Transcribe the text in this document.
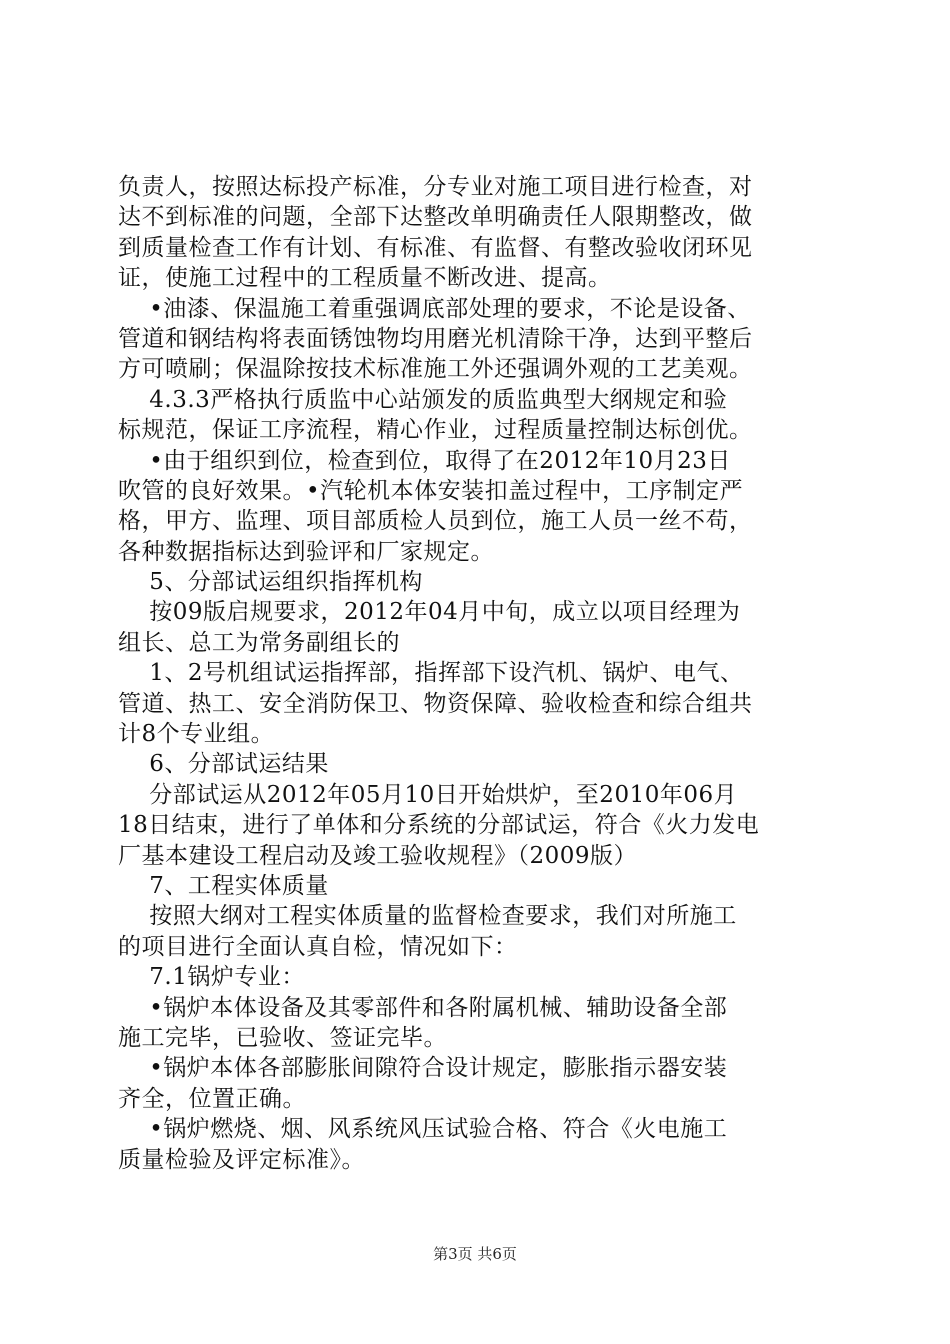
负责人，按照达标投产标准，分专业对施工项目进行检查，对
达不到标准的问题，全部下达整改单明确责任人限期整改，做
到质量检查工作有计划、有标准、有监督、有整改验收闭环见
证，使施工过程中的工程质量不断改进、提高。
•油漆、保温施工着重强调底部处理的要求，不论是设备、
管道和钢结构将表面锈蚀物均用磨光机清除干净，达到平整后
方可喷刷；保温除按技术标准施工外还强调外观的工艺美观。
4.3.3严格执行质监中心站颁发的质监典型大纲规定和验
标规范，保证工序流程，精心作业，过程质量控制达标创优。
•由于组织到位，检查到位，取得了在2012年10月23日
吹管的良好效果。•汽轮机本体安装扣盖过程中，工序制定严
格，甲方、监理、项目部质检人员到位，施工人员一丝不苟，
各种数据指标达到验评和厂家规定。
5、分部试运组织指挥机构
按09版启规要求，2012年04月中旬，成立以项目经理为
组长、总工为常务副组长的
1、2号机组试运指挥部，指挥部下设汽机、锅炉、电气、
管道、热工、安全消防保卫、物资保障、验收检查和综合组共
计8个专业组。
6、分部试运结果
分部试运从2012年05月10日开始烘炉，至2010年06月
18日结束，进行了单体和分系统的分部试运，符合《火力发电
厂基本建设工程启动及竣工验收规程》（2009版）
7、工程实体质量
按照大纲对工程实体质量的监督检查要求，我们对所施工
的项目进行全面认真自检，情况如下：
7.1锅炉专业：
•锅炉本体设备及其零部件和各附属机械、辅助设备全部
施工完毕，已验收、签证完毕。
•锅炉本体各部膨胀间隙符合设计规定，膨胀指示器安装
齐全，位置正确。
•锅炉燃烧、烟、风系统风压试验合格、符合《火电施工
质量检验及评定标准》。
第3页 共6页
